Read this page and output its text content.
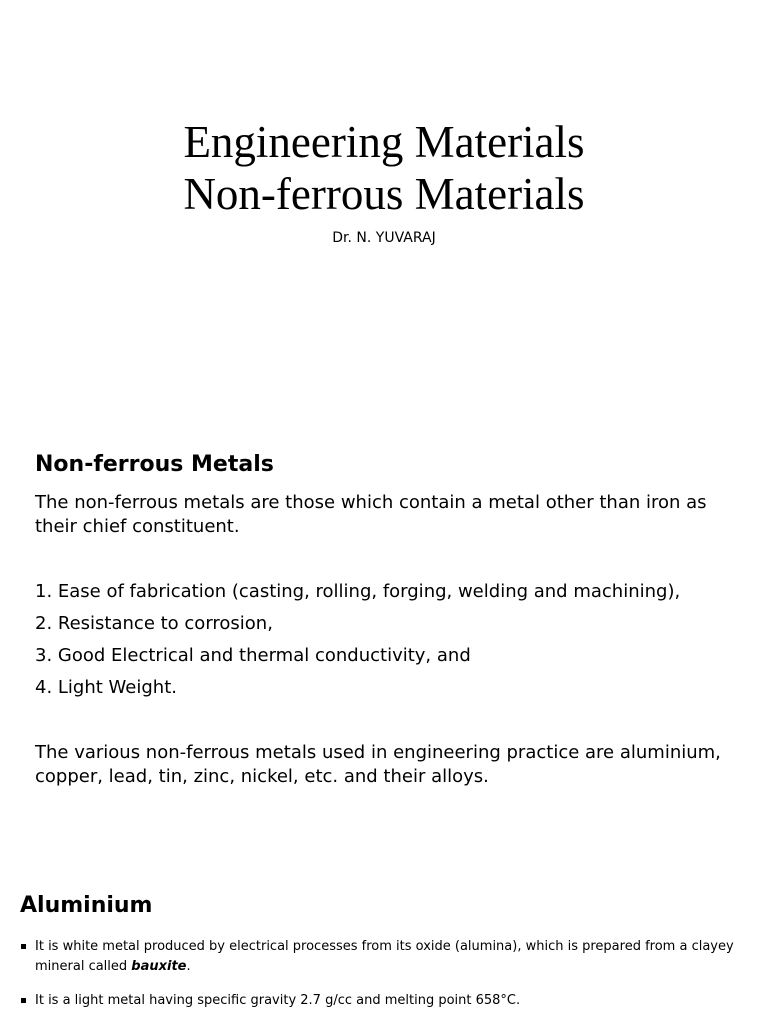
Engineering Materials
Non-ferrous Materials
Dr. N. YUVARAJ
Non-ferrous Metals

The non-ferrous metals are those which contain a metal other than iron as their chief constituent.

1. Ease of fabrication (casting, rolling, forging, welding and machining),
2. Resistance to corrosion,
3. Good Electrical and thermal conductivity, and
4. Light Weight.

The various non-ferrous metals used in engineering practice are aluminium, copper, lead, tin, zinc, nickel, etc. and their alloys.

Aluminium
It is white metal produced by electrical processes from its oxide (alumina), which is prepared from a clayey mineral called bauxite.
It is a light metal having specific gravity 2.7 g/cc and melting point 658°C.
